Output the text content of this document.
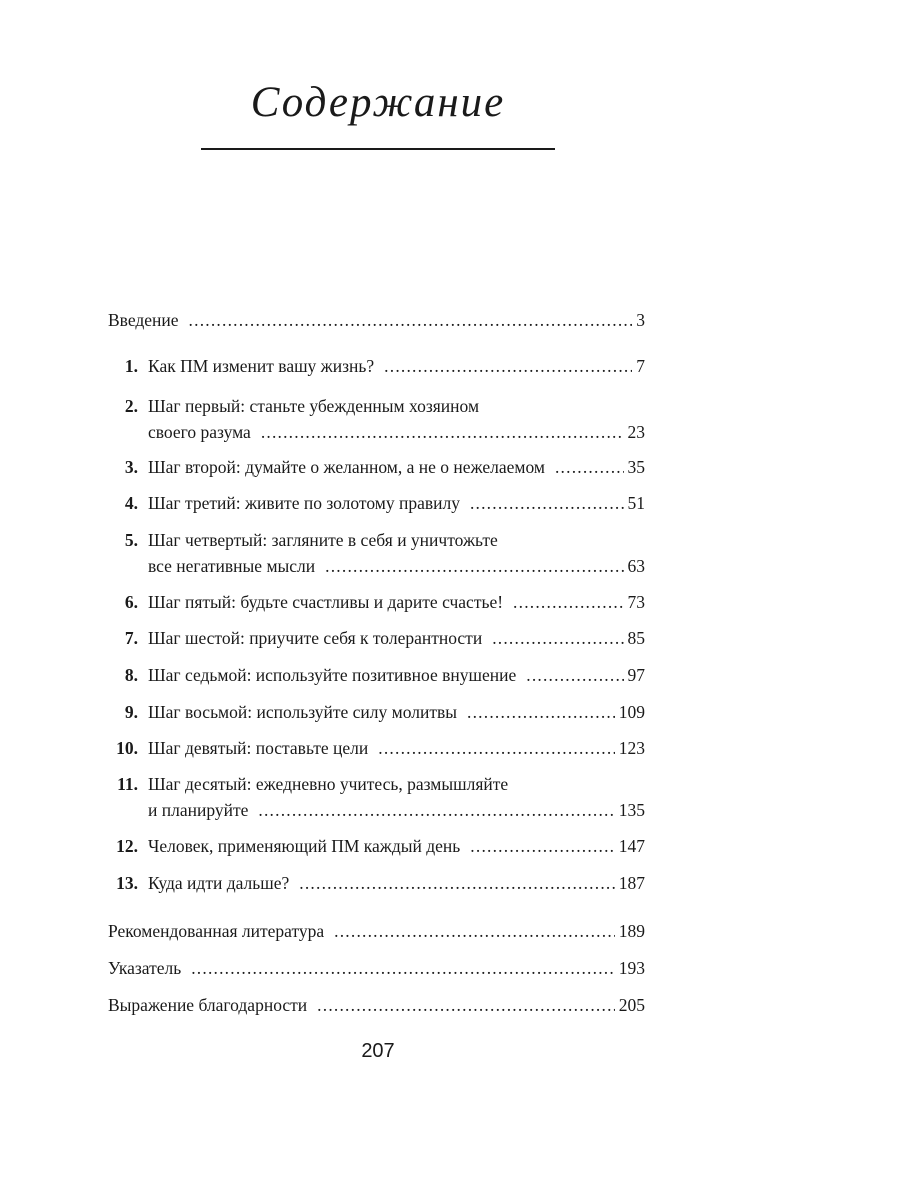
Содержание
Введение .....	3
1. Как ПМ изменит вашу жизнь? .....	7
2. Шаг первый: станьте убежденным хозяином
своего разума .....	23
3. Шаг второй: думайте о желанном, а не о нежелаемом .....	35
4. Шаг третий: живите по золотому правилу .....	51
5. Шаг четвертый: загляните в себя и уничтожьте
все негативные мысли .....	63
6. Шаг пятый: будьте счастливы и дарите счастье! .....	73
7. Шаг шестой: приучите себя к толерантности .....	85
8. Шаг седьмой: используйте позитивное внушение .....	97
9. Шаг восьмой: используйте силу молитвы .....	109
10. Шаг девятый: поставьте цели .....	123
11. Шаг десятый: ежедневно учитесь, размышляйте
и планируйте .....	135
12. Человек, применяющий ПМ каждый день .....	147
13. Куда идти дальше? .....	187
Рекомендованная литература .....	189
Указатель .....	193
Выражение благодарности .....	205
207
